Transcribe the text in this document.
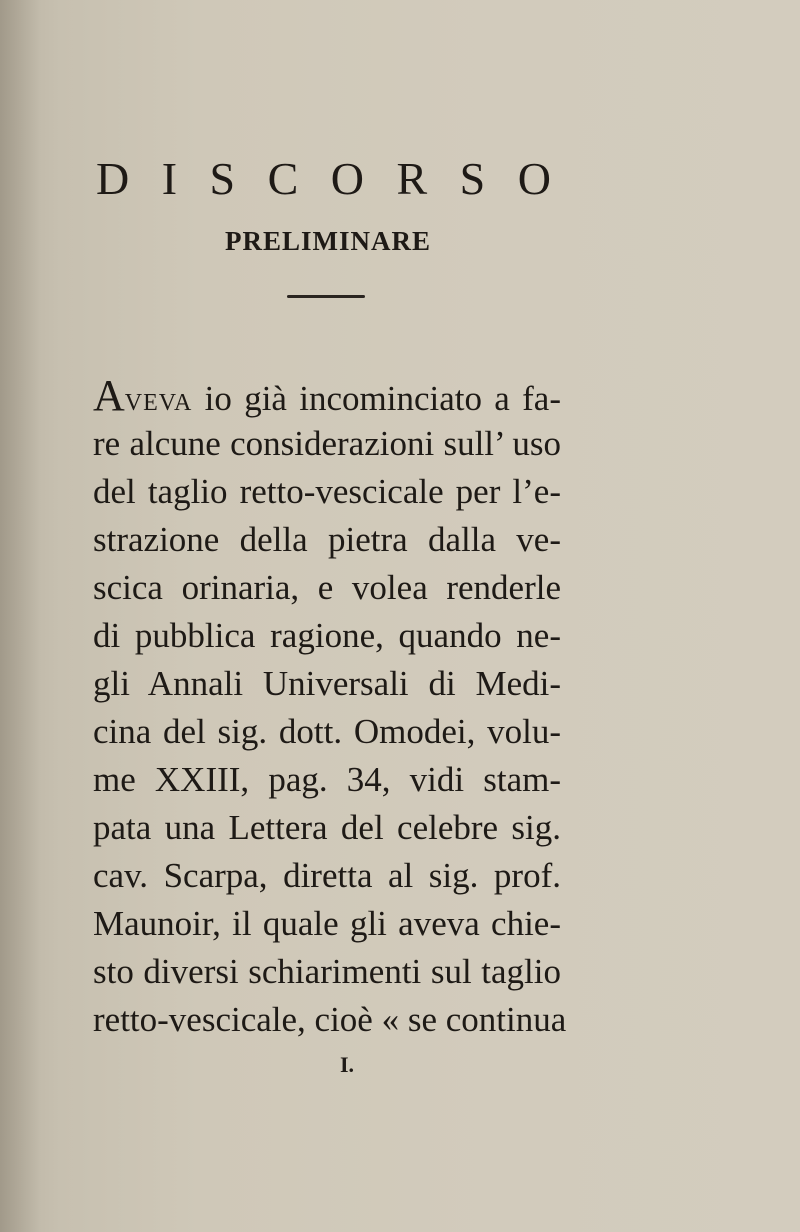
D I S C O R S O
PRELIMINARE
AVEVA io già incominciato a fa-
re alcune considerazioni sull’ uso
del taglio retto-vescicale per l’e-
strazione della pietra dalla ve-
scica orinaria, e volea renderle
di pubblica ragione, quando ne-
gli Annali Universali di Medi-
cina del sig. dott. Omodei, volu-
me XXIII, pag. 34, vidi stam-
pata una Lettera del celebre sig.
cav. Scarpa, diretta al sig. prof.
Maunoir, il quale gli aveva chie-
sto diversi schiarimenti sul taglio
retto-vescicale, cioè « se continua
I.
